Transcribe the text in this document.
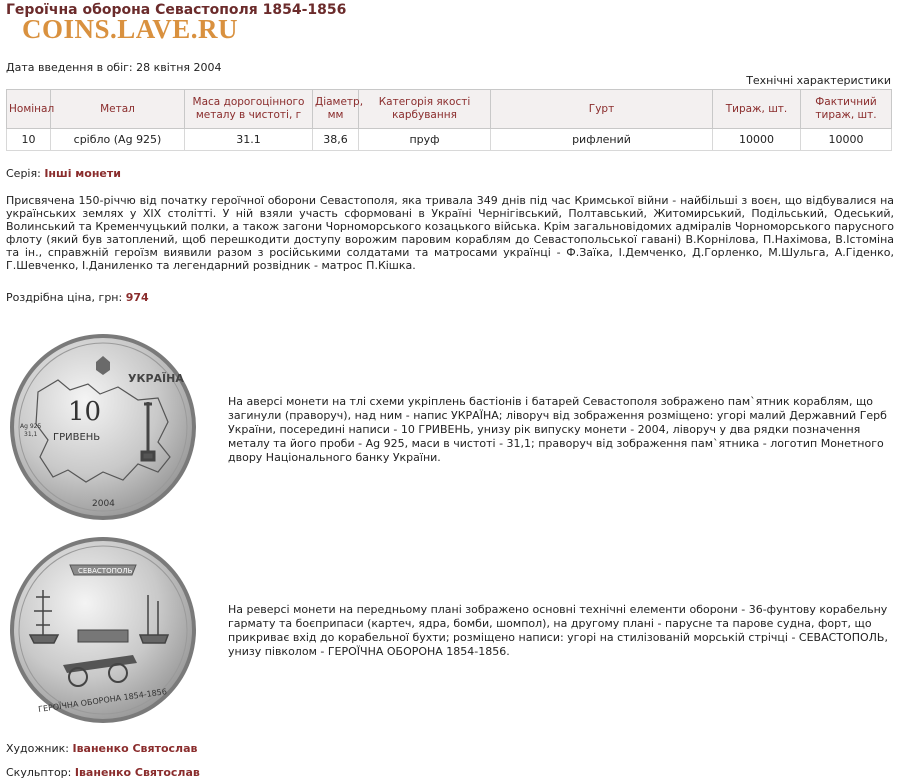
Героїчна оборона Севастополя 1854-1856
COINS.LAVE.RU
Дата введення в обіг: 28 квітня 2004
Технічні характеристики
Номінал	Метал	Маса дорогоцінного металу в чистоті, г	Діаметр, мм	Категорія якості карбування	Гурт	Тираж, шт.	Фактичний тираж, шт.
10	срібло (Ag 925)	31.1	38,6	пруф	рифлений	10000	10000
Серія: Інші монети

Присвячена 150-річчю від початку героїчної оборони Севастополя, яка тривала 349 днів під час Кримської війни - найбільші з воєн, що відбувалися на українських землях у XIX столітті. У ній взяли участь сформовані в Україні Чернігівський, Полтавський, Житомирський, Подільський, Одеський, Волинський та Кременчуцький полки, а також загони Чорноморського козацького війська. Крім загальновідомих адміралів Чорноморського парусного флоту (який був затоплений, щоб перешкодити доступу ворожим паровим кораблям до Севастопольської гавані) В.Корнілова, П.Нахімова, В.Істоміна та ін., справжній героїзм виявили разом з російськими солдатами та матросами українці - Ф.Заїка, І.Демченко, Д.Горленко, М.Шульга, А.Гіденко, Г.Шевченко, І.Даниленко та легендарний розвідник - матрос П.Кішка.

Роздрібна ціна, грн: 974
УКРАЇНА
10
ГРИВЕНЬ
Ag 925
31,1
2004

На аверсі монети на тлі схеми укріплень бастіонів і батарей Севастополя зображено пам`ятник кораблям, що загинули (праворуч), над ним - напис УКРАЇНА; ліворуч від зображення розміщено: угорі малий Державний Герб України, посередині написи - 10 ГРИВЕНЬ, унизу рік випуску монети - 2004, ліворуч у два рядки позначення металу та його проби - Ag 925, маси в чистоті - 31,1; праворуч від зображення пам`ятника - логотип Монетного двору Національного банку України.

СЕВАСТОПОЛЬ
ГЕРОЇЧНА ОБОРОНА 1854-1856

На реверсі монети на передньому плані зображено основні технічні елементи оборони - 36-фунтову корабельну гармату та боєприпаси (картеч, ядра, бомби, шомпол), на другому плані - парусне та парове судна, форт, що прикриває вхід до корабельної бухти; розміщено написи: угорі на стилізованій морській стрічці - СЕВАСТОПОЛЬ, унизу півколом - ГЕРОЇЧНА ОБОРОНА 1854-1856.

Художник: Іваненко Святослав
Скульптор: Іваненко Святослав
